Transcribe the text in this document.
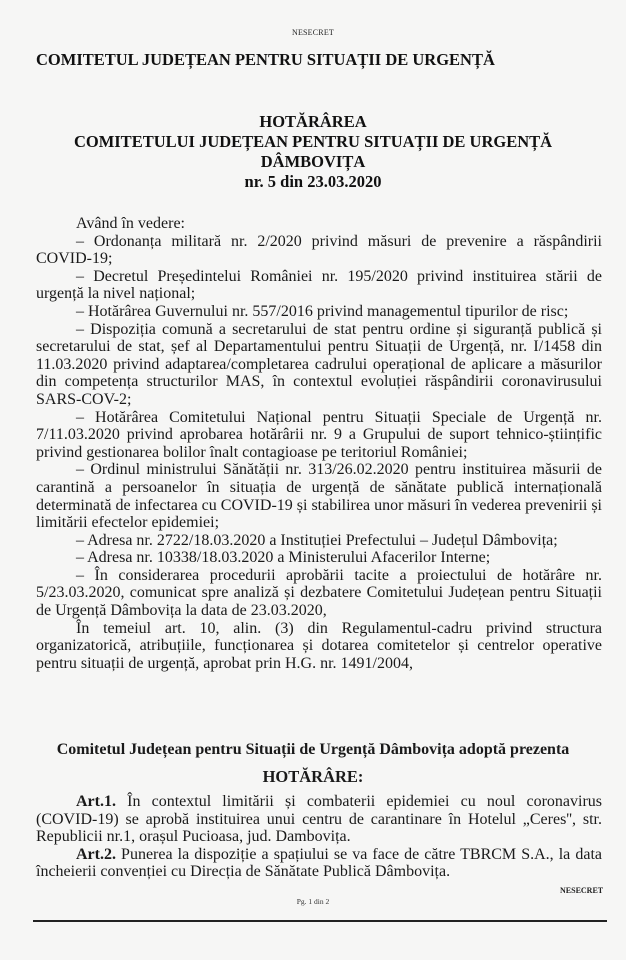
NESECRET
COMITETUL JUDEȚEAN PENTRU SITUAȚII DE URGENȚĂ
HOTĂRÂREA
COMITETULUI JUDEȚEAN PENTRU SITUAȚII DE URGENȚĂ
DÂMBOVIȚA
nr. 5 din 23.03.2020

Având în vedere:

– Ordonanța militară nr. 2/2020 privind măsuri de prevenire a răspândirii COVID-19;

– Decretul Președintelui României nr. 195/2020 privind instituirea stării de urgență la nivel național;

– Hotărârea Guvernului nr. 557/2016 privind managementul tipurilor de risc;

– Dispoziția comună a secretarului de stat pentru ordine și siguranță publică și secretarului de stat, șef al Departamentului pentru Situații de Urgență, nr. I/1458 din 11.03.2020 privind adaptarea/completarea cadrului operațional de aplicare a măsurilor din competența structurilor MAS, în contextul evoluției răspândirii coronavirusului SARS-COV-2;

– Hotărârea Comitetului Național pentru Situații Speciale de Urgență nr. 7/11.03.2020 privind aprobarea hotărârii nr. 9 a Grupului de suport tehnico-științific privind gestionarea bolilor înalt contagioase pe teritoriul României;

– Ordinul ministrului Sănătății nr. 313/26.02.2020 pentru instituirea măsurii de carantină a persoanelor în situația de urgență de sănătate publică internațională determinată de infectarea cu COVID-19 și stabilirea unor măsuri în vederea prevenirii și limitării efectelor epidemiei;

– Adresa nr. 2722/18.03.2020 a Instituției Prefectului – Județul Dâmbovița;

– Adresa nr. 10338/18.03.2020 a Ministerului Afacerilor Interne;

– În considerarea procedurii aprobării tacite a proiectului de hotărâre nr. 5/23.03.2020, comunicat spre analiză și dezbatere Comitetului Județean pentru Situații de Urgență Dâmbovița la data de 23.03.2020,

În temeiul art. 10, alin. (3) din Regulamentul-cadru privind structura organizatorică, atribuțiile, funcționarea și dotarea comitetelor și centrelor operative pentru situații de urgență, aprobat prin H.G. nr. 1491/2004,

Comitetul Județean pentru Situații de Urgență Dâmbovița adoptă prezenta
HOTĂRÂRE:

Art.1. În contextul limitării și combaterii epidemiei cu noul coronavirus (COVID-19) se aprobă instituirea unui centru de carantinare în Hotelul „Ceres'', str. Republicii nr.1, orașul Pucioasa, jud. Dambovița.

Art.2. Punerea la dispoziție a spațiului se va face de către TBRCM S.A., la data încheierii convenției cu Direcția de Sănătate Publică Dâmbovița.

NESECRET
Pg. 1 din 2
